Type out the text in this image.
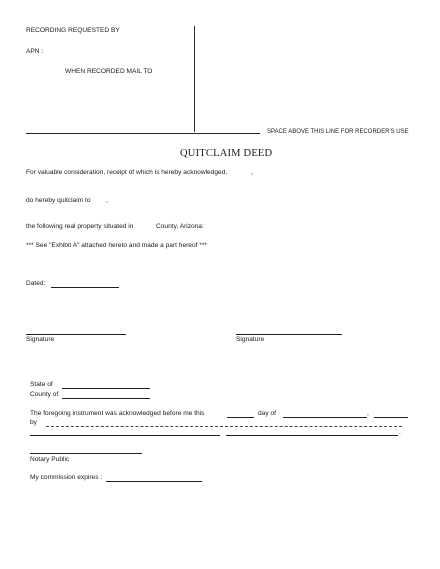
RECORDING REQUESTED BY
APN :
WHEN RECORDED MAIL TO
SPACE ABOVE THIS LINE FOR RECORDER'S USE
QUITCLAIM DEED
For valuable consideration, receipt of which is hereby acknowledged,	,
do hereby quitclaim to ,
the following real property situated in	County, Arizona:
*** See "Exhibit A" attached hereto and made a part hereof ***
Dated:
Signature	Signature
State of
County of
The foregoing instrument was acknowledged before me this	day of	,
by
.
Notary Public
My commission expires :
